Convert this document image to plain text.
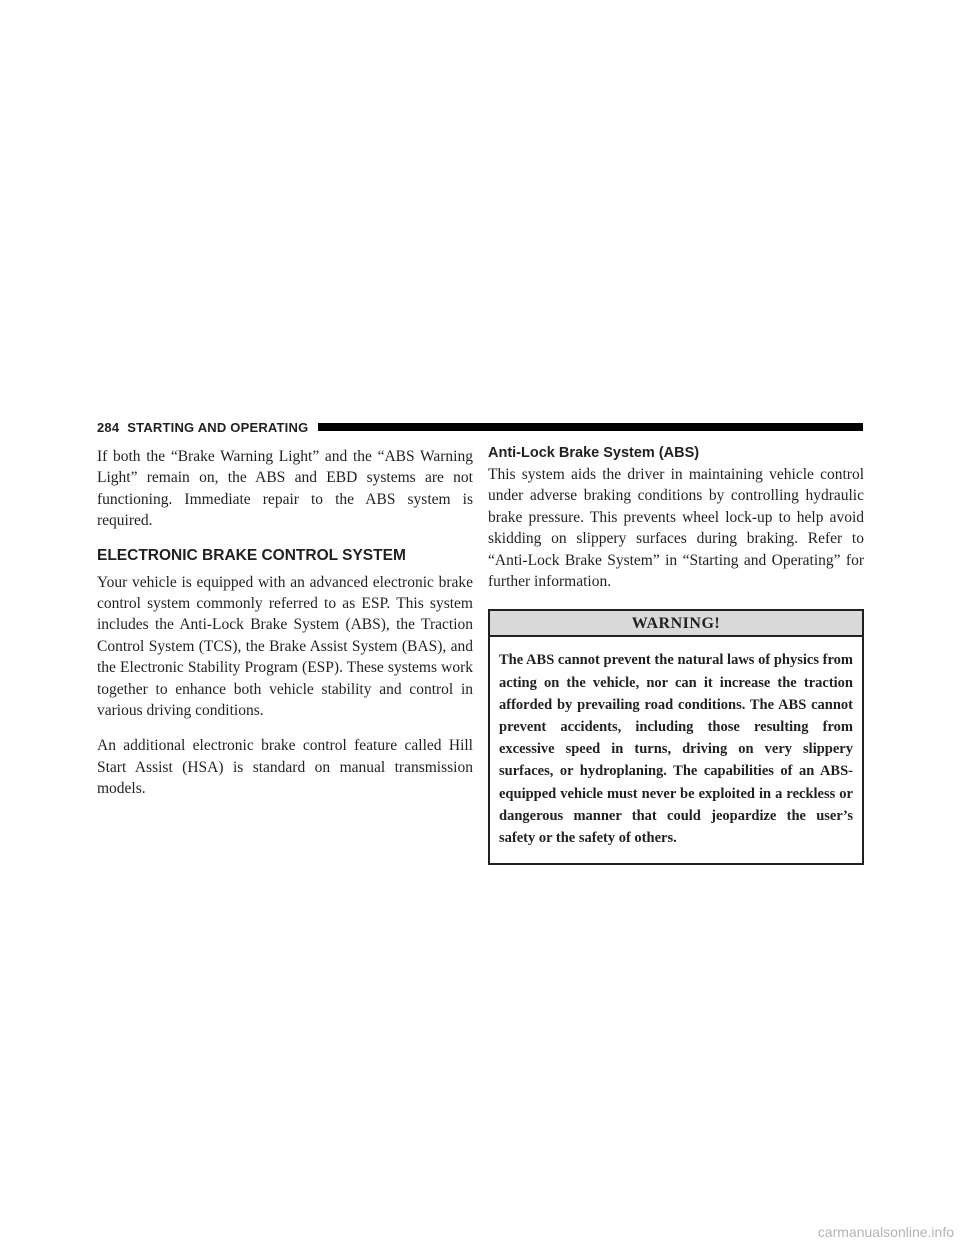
284 STARTING AND OPERATING

If both the “Brake Warning Light” and the “ABS Warning Light” remain on, the ABS and EBD systems are not functioning. Immediate repair to the ABS system is required.

ELECTRONIC BRAKE CONTROL SYSTEM

Your vehicle is equipped with an advanced electronic brake control system commonly referred to as ESP. This system includes the Anti-Lock Brake System (ABS), the Traction Control System (TCS), the Brake Assist System (BAS), and the Electronic Stability Program (ESP). These systems work together to enhance both vehicle stability and control in various driving conditions.

An additional electronic brake control feature called Hill Start Assist (HSA) is standard on manual transmission models.

Anti-Lock Brake System (ABS)

This system aids the driver in maintaining vehicle control under adverse braking conditions by controlling hydraulic brake pressure. This prevents wheel lock-up to help avoid skidding on slippery surfaces during braking. Refer to “Anti-Lock Brake System” in “Starting and Operating” for further information.

WARNING!
The ABS cannot prevent the natural laws of physics from acting on the vehicle, nor can it increase the traction afforded by prevailing road conditions. The ABS cannot prevent accidents, including those resulting from excessive speed in turns, driving on very slippery surfaces, or hydroplaning. The capabilities of an ABS-equipped vehicle must never be exploited in a reckless or dangerous manner that could jeopardize the user’s safety or the safety of others.
carmanualsonline.info
